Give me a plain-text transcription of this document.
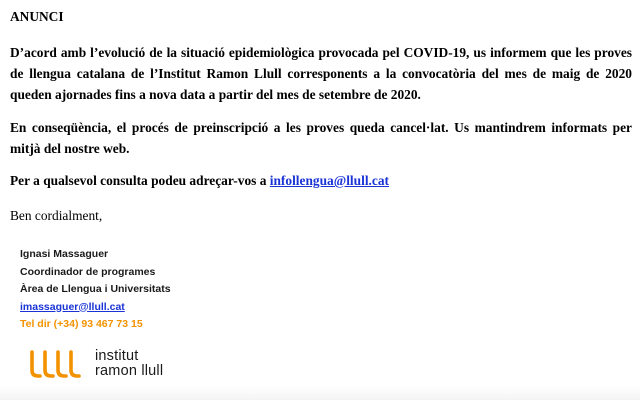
ANUNCI

D’acord amb l’evolució de la situació epidemiològica provocada pel COVID-19, us informem que les proves de llengua catalana de l’Institut Ramon Llull corresponents a la convocatòria del mes de maig de 2020 queden ajornades fins a nova data a partir del mes de setembre de 2020.

En conseqüència, el procés de preinscripció a les proves queda cancel·lat. Us mantindrem informats per mitjà del nostre web.

Per a qualsevol consulta podeu adreçar-vos a infollengua@llull.cat

Ben cordialment,

Ignasi Massaguer
Coordinador de programes
Àrea de Llengua i Universitats
imassaguer@llull.cat
Tel dir (+34) 93 467 73 15
institut
ramon llull
